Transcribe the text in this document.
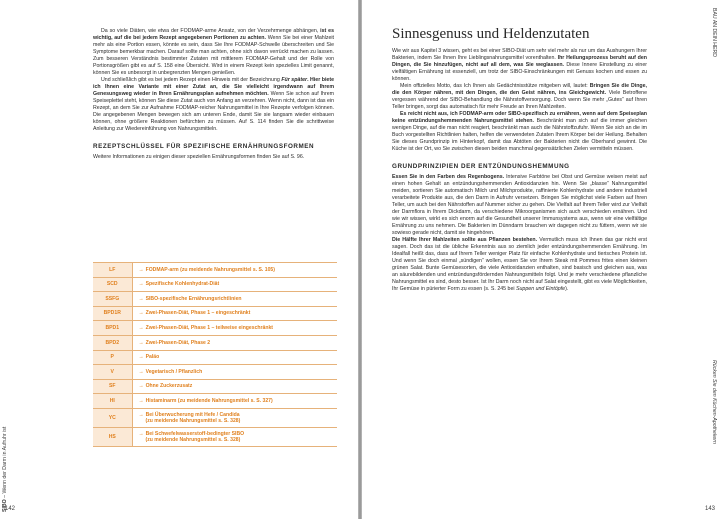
Da so viele Diäten, wie etwa der FODMAP-arme Ansatz, von der Verzehrmenge abhängen, ist es wichtig, auf die bei jedem Rezept angegebenen Portionen zu achten. Wenn Sie bei einer Mahlzeit mehr als eine Portion essen, könnte es sein, dass Sie Ihre FODMAP-Schwelle überschreiten und Sie Symptome bemerkbar machen. Darauf sollte man achten, ohne sich davon verrückt machen zu lassen. Zum besseren Verständnis bestimmter Zutaten mit mittlerem FODMAP-Gehalt und der Rolle von Portionsgrößen gibt es auf S. 158 eine Übersicht. Wird in einem Rezept kein spezielles Limit genannt, können Sie es unbesorgt in unbegrenzten Mengen genießen.

Und schließlich gibt es bei jedem Rezept einen Hinweis mit der Bezeichnung Für später. Hier biete ich Ihnen eine Variante mit einer Zutat an, die Sie vielleicht irgendwann auf Ihrem Genesungsweg wieder in Ihren Ernährungsplan aufnehmen möchten. Wenn Sie schon auf Ihrem Speiseplettel steht, können Sie diese Zutat auch von Anfang an verzehren. Wenn nicht, dann ist das ein Rezept, an dem Sie zur Aufnahme FODMAP-reicher Nahrungsmittel in Ihre Rezepte verfolgen können. Die angegebenen Mengen bewegen sich am unteren Ende, damit Sie sie langsam wieder einbauen können, ohne größere Reaktionen befürchten zu müssen. Auf S. 114 finden Sie die schrittweise Anleitung zur Wiedereinführung von Nahrungsmitteln.

REZEPTSCHLÜSSEL FÜR SPEZIFISCHE ERNÄHRUNGSFORMEN

Weitere Informationen zu einigen dieser speziellen Ernährungsformen finden Sie auf S. 96.

LF	→ FODMAP-arm (zu meidende Nahrungsmittel s. S. 105)
SCD	→ Spezifische Kohlenhydrat-Diät
SSFG	→ SIBO-spezifische Ernährungsrichtlinien
BPD1R	→ Zwei-Phasen-Diät, Phase 1 – eingeschränkt
BPD1	→ Zwei-Phasen-Diät, Phase 1 – teilweise eingeschränkt
BPD2	→ Zwei-Phasen-Diät, Phase 2
P	→ Paläo
V	→ Vegetarisch / Pflanzlich
SF	→ Ohne Zuckerzusatz
HI	→ Histaminarm (zu meidende Nahrungsmittel s. S. 327)
YC	→ Bei Überwucherung mit Hefe / Candida
(zu meidende Nahrungsmittel s. S. 328)
HS	→ Bei Schwefelwasserstoff-bedingter SIBO
(zu meidende Nahrungsmittel s. S. 328)
SIBO – Wenn der Darm in Aufruhr ist
142
Sinnesgenuss und Heldenzutaten

Wie wir aus Kapitel 3 wissen, geht es bei einer SIBO-Diät um sehr viel mehr als nur um das Aushungern Ihrer Bakterien, indem Sie Ihnen Ihre Lieblingsnahrungsmittel vorenthalten. Ihr Heilungsprozess beruht auf den Dingen, die Sie hinzufügen, nicht auf all dem, was Sie weglassen. Diese Innere Einstellung zu einer vielfältigen Ernährung ist essenziell, um trotz der SIBO-Einschränkungen mit Genuss kochen und essen zu können.

Mein offizielles Motto, das Ich Ihnen als Gedächtnisstütze mitgeben will, lautet: Bringen Sie die Dinge, die den Körper nähren, mit den Dingen, die den Geist nähren, ins Gleichgewicht. Viele Betroffene vergessen während der SIBO-Behandlung die Nährstoffversorgung. Doch wenn Sie mehr „Gutes“ auf Ihren Teller bringen, sorgt das automatisch für mehr Freude an Ihren Mahlzeiten.

Es reicht nicht aus, ich FODMAP-arm oder SIBO-spezifisch zu ernähren, wenn auf dem Speiseplan keine entzündungshemmenden Nahrungsmittel stehen. Beschränkt man sich auf die immer gleichen wenigen Dinge, auf die man nicht reagiert, beschränkt man auch die Nährstoffzufuhr. Wenn Sie sich an die im Buch vorgestellten Richtlinien halten, helfen die verwendeten Zutaten Ihrem Körper bei der Heilung. Behalten Sie dieses Grundprinzip im Hinterkopf, damit das Abtöten der Bakterien nicht die Oberhand gewinnt. Die Küche ist der Ort, wo Sie zwischen diesen beiden manchmal gegensätzlichen Zielen vermitteln müssen.

GRUNDPRINZIPIEN DER ENTZÜNDUNGSHEMMUNG

Essen Sie in den Farben des Regenbogens. Intensive Farbtöne bei Obst und Gemüse weisen meist auf einen hohen Gehalt an entzündungshemmenden Antioxidanzien hin. Wenn Sie „blasse“ Nahrungsmittel meiden, sortieren Sie automatisch Milch und Milchprodukte, raffinierte Kohlenhydrate und andere industriell verarbeitete Produkte aus, die den Darm in Aufruhr versetzen. Bringen Sie möglichst viele Farben auf Ihren Teller, um auch bei den Nährstoffen auf Nummer sicher zu gehen. Die Vielfalt auf Ihrem Teller wird zur Vielfalt der Darmflora in Ihrem Dickdarm, da verschiedene Mikroorganismen sich auch verschieden ernähren. Und wie wir wissen, wirkt es sich enorm auf die Gesundheit unserer Immunsystems aus, wenn wir eine vielfältige Ernährung zu uns nehmen. Die Bakterien im Dünndarm brauchen wir dagegen nicht zu füttern, wenn wir sie sowieso gerade nicht, damit sie hingehören.

Die Hälfte Ihrer Mahlzeiten sollte aus Pflanzen bestehen. Vermutlich muss ich Ihnen das gar nicht erst sagen. Doch das ist die übliche Erkenntnis aus so ziemlich jeder entzündungshemmenden Ernährung. Im Idealfall heißt das, dass auf Ihrem Teller weniger Platz für einfache Kohlenhydrate und tierisches Protein ist. Und wenn Sie doch einmal „sündigen“ wollen, essen Sie vor Ihrem Steak mit Pommes frites einen kleinen grünen Salat. Bunte Gemüsesorten, die viele Antioxidanzien enthalten, sind basisch und gleichen aus, was an säurebildenden und entzündungsfördernden Nahrungsmitteln folgt. Und je mehr verschiedene pflanzliche Nahrungsmittel es sind, desto besser. Ist Ihr Darm noch nicht auf Salat eingestellt, gibt es viele Möglichkeiten, Ihr Gemüse in pürierter Form zu essen (s. S. 245 bei Suppen und Eintöpfe).

BAU AN DEIN HERD
Rücken Sie den Küchen-Apothekern
143
